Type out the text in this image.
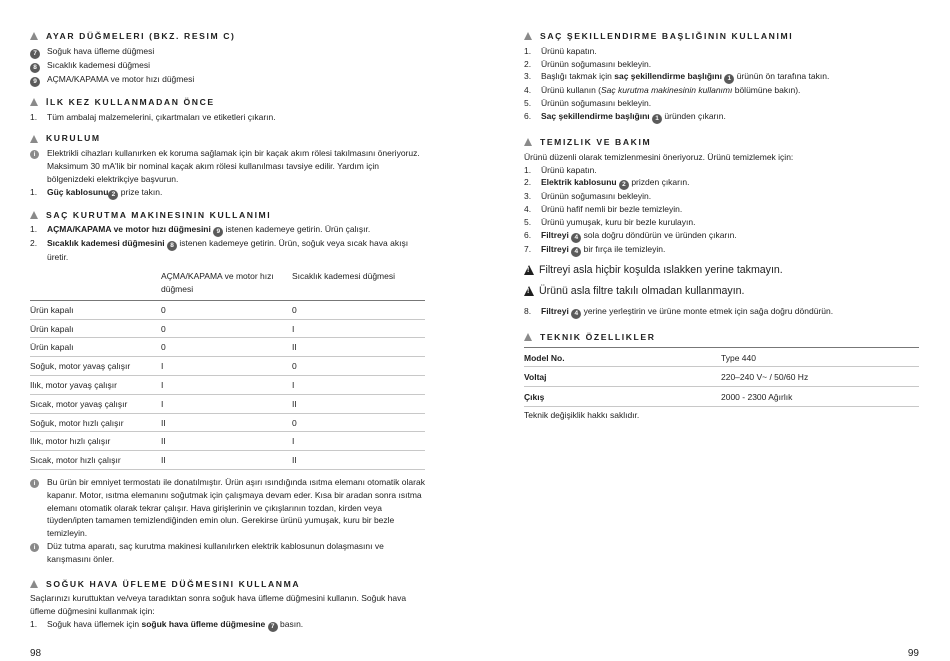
AYAR DÜĞMELERI (BKZ. RESIM C)
7	Soğuk hava üfleme düğmesi
8	Sıcaklık kademesi düğmesi
9	AÇMA/KAPAMA ve motor hızı düğmesi
İLK KEZ KULLANMADAN ÖNCE
1.	Tüm ambalaj malzemelerini, çıkartmaları ve etiketleri çıkarın.
KURULUM
i	Elektrikli cihazları kullanırken ek koruma sağlamak için bir kaçak akım rölesi takılmasını öneriyoruz. Maksimum 30 mA'lik bir nominal kaçak akım rölesi kullanılması tavsiye edilir. Yardım için bölgenizdeki elektrikçiye başvurun.
1.	Güç kablosunu 2 prize takın.
SAÇ KURUTMA MAKINESININ KULLANIMI
1.	AÇMA/KAPAMA ve motor hızı düğmesini 9 istenen kademeye getirin. Ürün çalışır.
2.	Sıcaklık kademesi düğmesini 8 istenen kademeye getirin. Ürün, soğuk veya sıcak hava akışı üretir.
	AÇMA/KAPAMA ve motor hızı düğmesi	Sıcaklık kademesi düğmesi
Ürün kapalı	0	0
Ürün kapalı	0	I
Ürün kapalı	0	II
Soğuk, motor yavaş çalışır	I	0
Ilık, motor yavaş çalışır	I	I
Sıcak, motor yavaş çalışır	I	II
Soğuk, motor hızlı çalışır	II	0
Ilık, motor hızlı çalışır	II	I
Sıcak, motor hızlı çalışır	II	II
i	Bu ürün bir emniyet termostatı ile donatılmıştır. Ürün aşırı ısındığında ısıtma elemanı otomatik olarak kapanır. Motor, ısıtma elemanını soğutmak için çalışmaya devam eder. Kısa bir aradan sonra ısıtma elemanı otomatik olarak tekrar çalışır. Hava girişlerinin ve çıkışlarının tozdan, kirden veya tüyden/ipten tamamen temizlendiğinden emin olun. Gerekirse ürünü yumuşak, kuru bir bezle temizleyin.
i	Düz tutma aparatı, saç kurutma makinesi kullanılırken elektrik kablosunun dolaşmasını ve karışmasını önler.
SOĞUK HAVA ÜFLEME DÜĞMESINI KULLANMA
Saçlarınızı kuruttuktan ve/veya taradıktan sonra soğuk hava üfleme düğmesini kullanın. Soğuk hava üfleme düğmesini kullanmak için:
1.	Soğuk hava üflemek için soğuk hava üfleme düğmesine 7 basın.
SAÇ ŞEKILLENDIRME BAŞLIĞININ KULLANIMI
1.	Ürünü kapatın.
2.	Ürünün soğumasını bekleyin.
3.	Başlığı takmak için saç şekillendirme başlığını 1 ürünün ön tarafına takın.
4.	Ürünü kullanın (Saç kurutma makinesinin kullanımı bölümüne bakın).
5.	Ürünün soğumasını bekleyin.
6.	Saç şekillendirme başlığını 1 üründen çıkarın.
TEMIZLIK VE BAKIM
Ürünü düzenli olarak temizlenmesini öneriyoruz. Ürünü temizlemek için:
1.	Ürünü kapatın.
2.	Elektrik kablosunu 2 prizden çıkarın.
3.	Ürünün soğumasını bekleyin.
4.	Ürünü hafif nemli bir bezle temizleyin.
5.	Ürünü yumuşak, kuru bir bezle kurulayın.
6.	Filtreyi 4 sola doğru döndürün ve üründen çıkarın.
7.	Filtreyi 4 bir fırça ile temizleyin.
!
Filtreyi asla hiçbir koşulda ıslakken yerine takmayın.
!
Ürünü asla filtre takılı olmadan kullanmayın.
8.	Filtreyi 4 yerine yerleştirin ve ürüne monte etmek için sağa doğru döndürün.
TEKNIK ÖZELLIKLER
Model No.	Type 440
Voltaj	220–240 V~ / 50/60 Hz
Çıkış	2000 - 2300 Ağırlık
Teknik değişiklik hakkı saklıdır.
98	99
